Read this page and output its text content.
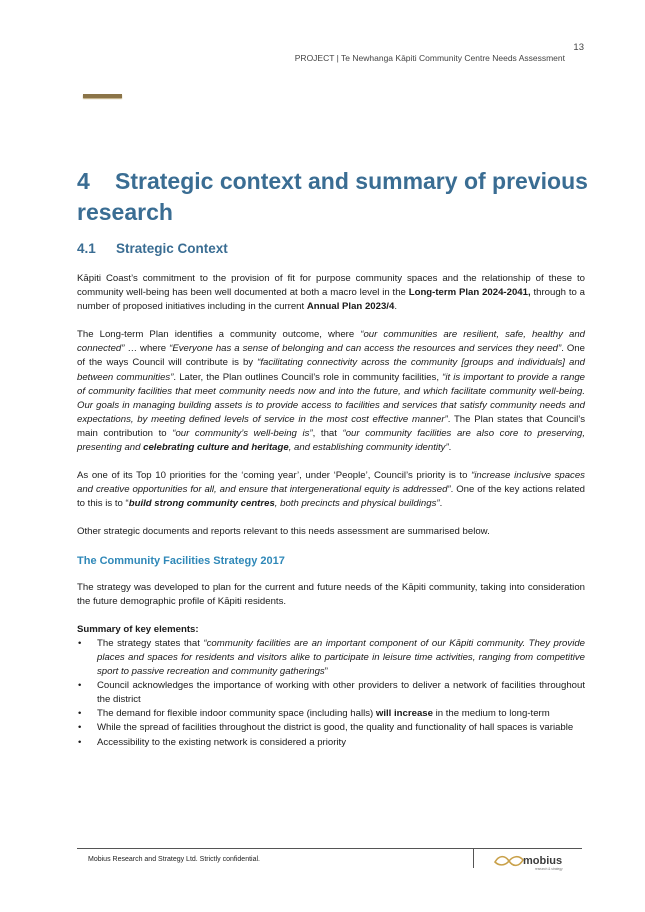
13
PROJECT | Te Newhanga Kāpiti Community Centre Needs Assessment
4 Strategic context and summary of previous research
4.1 Strategic Context

Kāpiti Coast’s commitment to the provision of fit for purpose community spaces and the relationship of these to community well-being has been well documented at both a macro level in the Long-term Plan 2024-2041, through to a number of proposed initiatives including in the current Annual Plan 2023/4.

The Long-term Plan identifies a community outcome, where “our communities are resilient, safe, healthy and connected” … where “Everyone has a sense of belonging and can access the resources and services they need”. One of the ways Council will contribute is by “facilitating connectivity across the community [groups and individuals] and between communities”. Later, the Plan outlines Council’s role in community facilities, “it is important to provide a range of community facilities that meet community needs now and into the future, and which facilitate community well-being. Our goals in managing building assets is to provide access to facilities and services that satisfy community needs and expectations, by meeting defined levels of service in the most cost effective manner”. The Plan states that Council’s main contribution to “our community’s well-being is”, that “our community facilities are also core to preserving, presenting and celebrating culture and heritage, and establishing community identity”.

As one of its Top 10 priorities for the ‘coming year’, under ‘People’, Council’s priority is to “increase inclusive spaces and creative opportunities for all, and ensure that intergenerational equity is addressed”. One of the key actions related to this is to “build strong community centres, both precincts and physical buildings”.

Other strategic documents and reports relevant to this needs assessment are summarised below.

The Community Facilities Strategy 2017

The strategy was developed to plan for the current and future needs of the Kāpiti community, taking into consideration the future demographic profile of Kāpiti residents.

Summary of key elements:
• The strategy states that “community facilities are an important component of our Kāpiti community. They provide places and spaces for residents and visitors alike to participate in leisure time activities, ranging from competitive sport to passive recreation and community gatherings”
• Council acknowledges the importance of working with other providers to deliver a network of facilities throughout the district
• The demand for flexible indoor community space (including halls) will increase in the medium to long-term
• While the spread of facilities throughout the district is good, the quality and functionality of hall spaces is variable
• Accessibility to the existing network is considered a priority
Mobius Research and Strategy Ltd. Strictly confidential.	mobius
research & strategy
